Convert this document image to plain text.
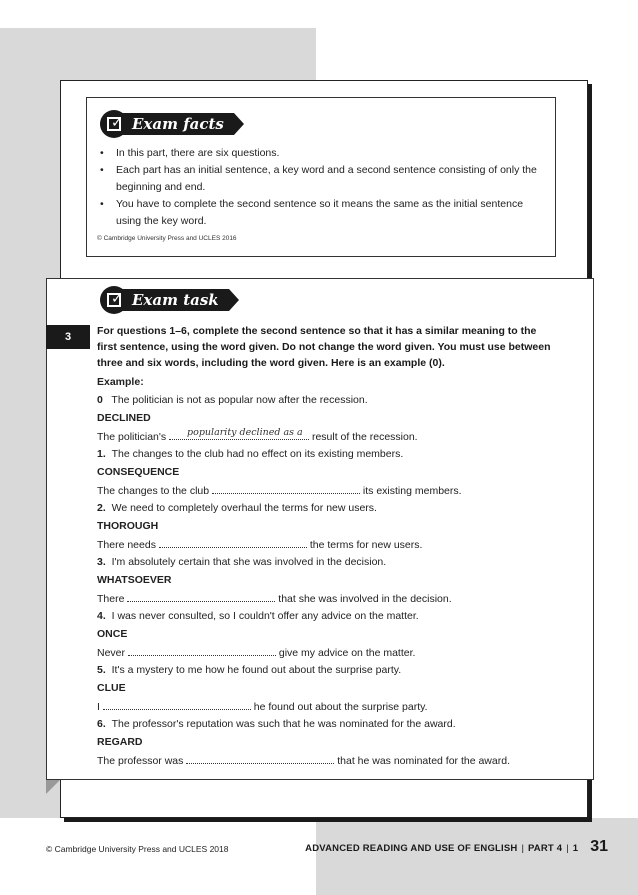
✓ Exam facts
• In this part, there are six questions.
• Each part has an initial sentence, a key word and a second sentence consisting of only the beginning and end.
• You have to complete the second sentence so it means the same as the initial sentence using the key word.
© Cambridge University Press and UCLES 2016
✓ Exam task
3	For questions 1–6, complete the second sentence so that it has a similar meaning to the first sentence, using the word given. Do not change the word given. You must use between three and six words, including the word given. Here is an example (0).
Example:
0 The politician is not as popular now after the recession.
DECLINED
The politician's popularity declined as a result of the recession.
1. The changes to the club had no effect on its existing members.
CONSEQUENCE
The changes to the club	its existing members.
2. We need to completely overhaul the terms for new users.
THOROUGH
There needs	the terms for new users.
3. I'm absolutely certain that she was involved in the decision.
WHATSOEVER
There	that she was involved in the decision.
4. I was never consulted, so I couldn't offer any advice on the matter.
ONCE
Never	give my advice on the matter.
5. It's a mystery to me how he found out about the surprise party.
CLUE
I	he found out about the surprise party.
6. The professor's reputation was such that he was nominated for the award.
REGARD
The professor was	that he was nominated for the award.
© Cambridge University Press and UCLES 2018	ADVANCED READING AND USE OF ENGLISH | PART 4 | 1 31
